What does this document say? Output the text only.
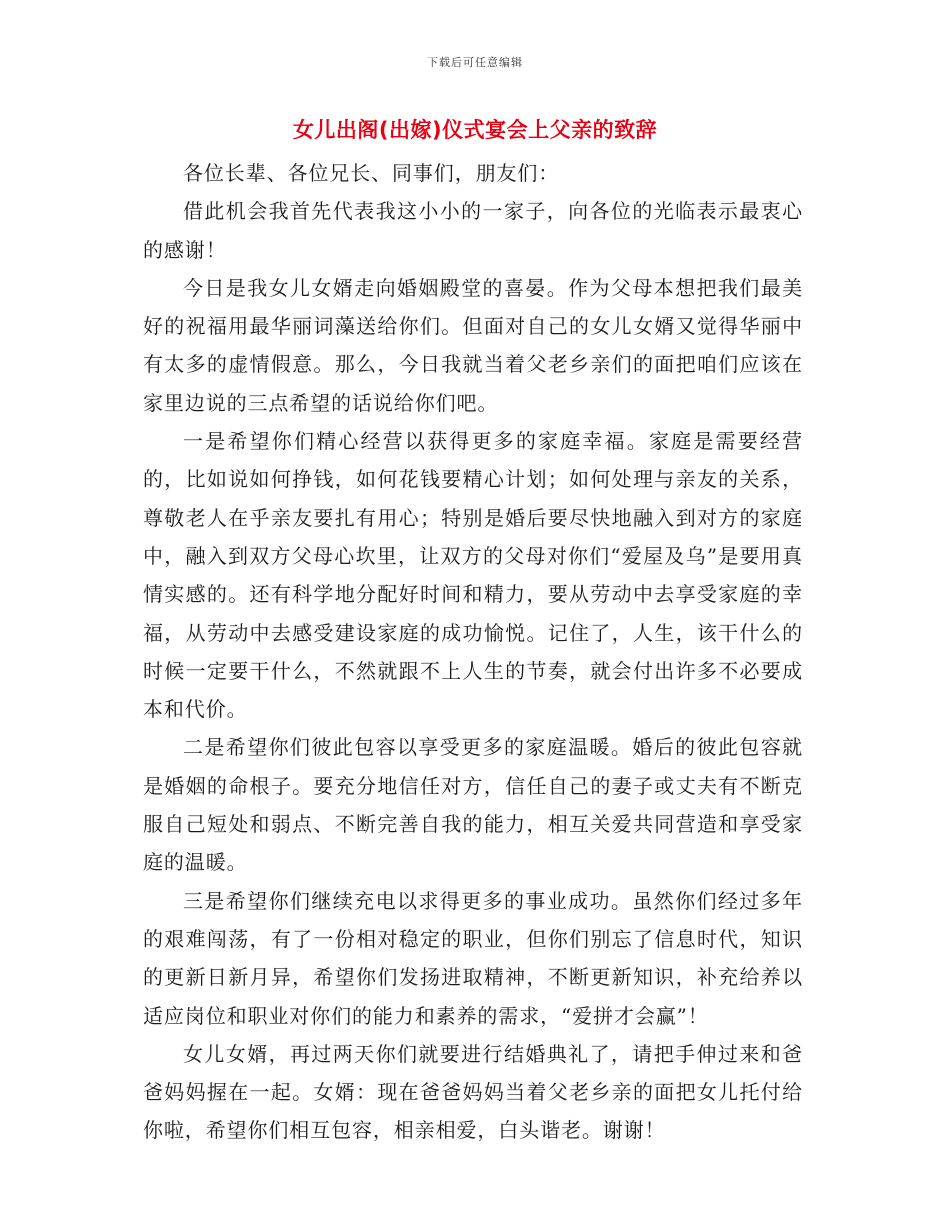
下载后可任意编辑
女儿出阁(出嫁)仪式宴会上父亲的致辞

各位长辈、各位兄长、同事们，朋友们：

借此机会我首先代表我这小小的一家子，向各位的光临表示最衷心的感谢！

今日是我女儿女婿走向婚姻殿堂的喜晏。作为父母本想把我们最美好的祝福用最华丽词藻送给你们。但面对自己的女儿女婿又觉得华丽中有太多的虚情假意。那么，今日我就当着父老乡亲们的面把咱们应该在家里边说的三点希望的话说给你们吧。

一是希望你们精心经营以获得更多的家庭幸福。家庭是需要经营的，比如说如何挣钱，如何花钱要精心计划；如何处理与亲友的关系，尊敬老人在乎亲友要扎有用心；特别是婚后要尽快地融入到对方的家庭中，融入到双方父母心坎里，让双方的父母对你们“爱屋及乌”是要用真情实感的。还有科学地分配好时间和精力，要从劳动中去享受家庭的幸福，从劳动中去感受建设家庭的成功愉悦。记住了，人生，该干什么的时候一定要干什么，不然就跟不上人生的节奏，就会付出许多不必要成本和代价。

二是希望你们彼此包容以享受更多的家庭温暖。婚后的彼此包容就是婚姻的命根子。要充分地信任对方，信任自己的妻子或丈夫有不断克服自己短处和弱点、不断完善自我的能力，相互关爱共同营造和享受家庭的温暖。

三是希望你们继续充电以求得更多的事业成功。虽然你们经过多年的艰难闯荡，有了一份相对稳定的职业，但你们别忘了信息时代，知识的更新日新月异，希望你们发扬进取精神，不断更新知识，补充给养以适应岗位和职业对你们的能力和素养的需求，“爱拼才会赢”！

女儿女婿，再过两天你们就要进行结婚典礼了，请把手伸过来和爸爸妈妈握在一起。女婿：现在爸爸妈妈当着父老乡亲的面把女儿托付给你啦，希望你们相互包容，相亲相爱，白头谐老。谢谢！
